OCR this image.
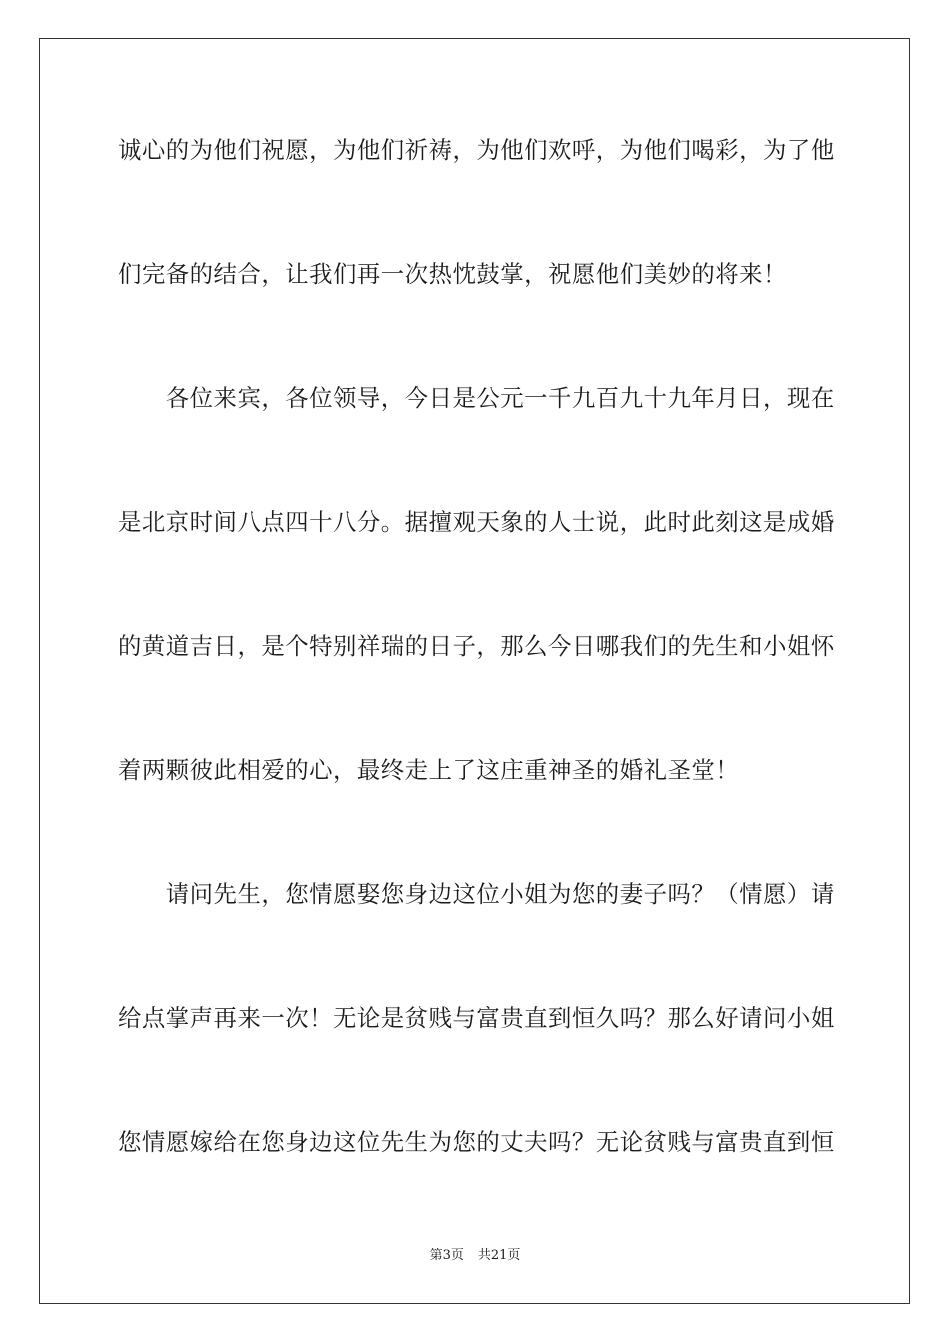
诚心的为他们祝愿，为他们祈祷，为他们欢呼，为他们喝彩，为了他
们完备的结合，让我们再一次热忱鼓掌，祝愿他们美妙的将来！
　　各位来宾，各位领导，今日是公元一千九百九十九年月日，现在
是北京时间八点四十八分。据擅观天象的人士说，此时此刻这是成婚
的黄道吉日，是个特别祥瑞的日子，那么今日哪我们的先生和小姐怀
着两颗彼此相爱的心，最终走上了这庄重神圣的婚礼圣堂！
　　请问先生，您情愿娶您身边这位小姐为您的妻子吗？（情愿）请
给点掌声再来一次！无论是贫贱与富贵直到恒久吗？那么好请问小姐
您情愿嫁给在您身边这位先生为您的丈夫吗？无论贫贱与富贵直到恒
第3页 共21页
